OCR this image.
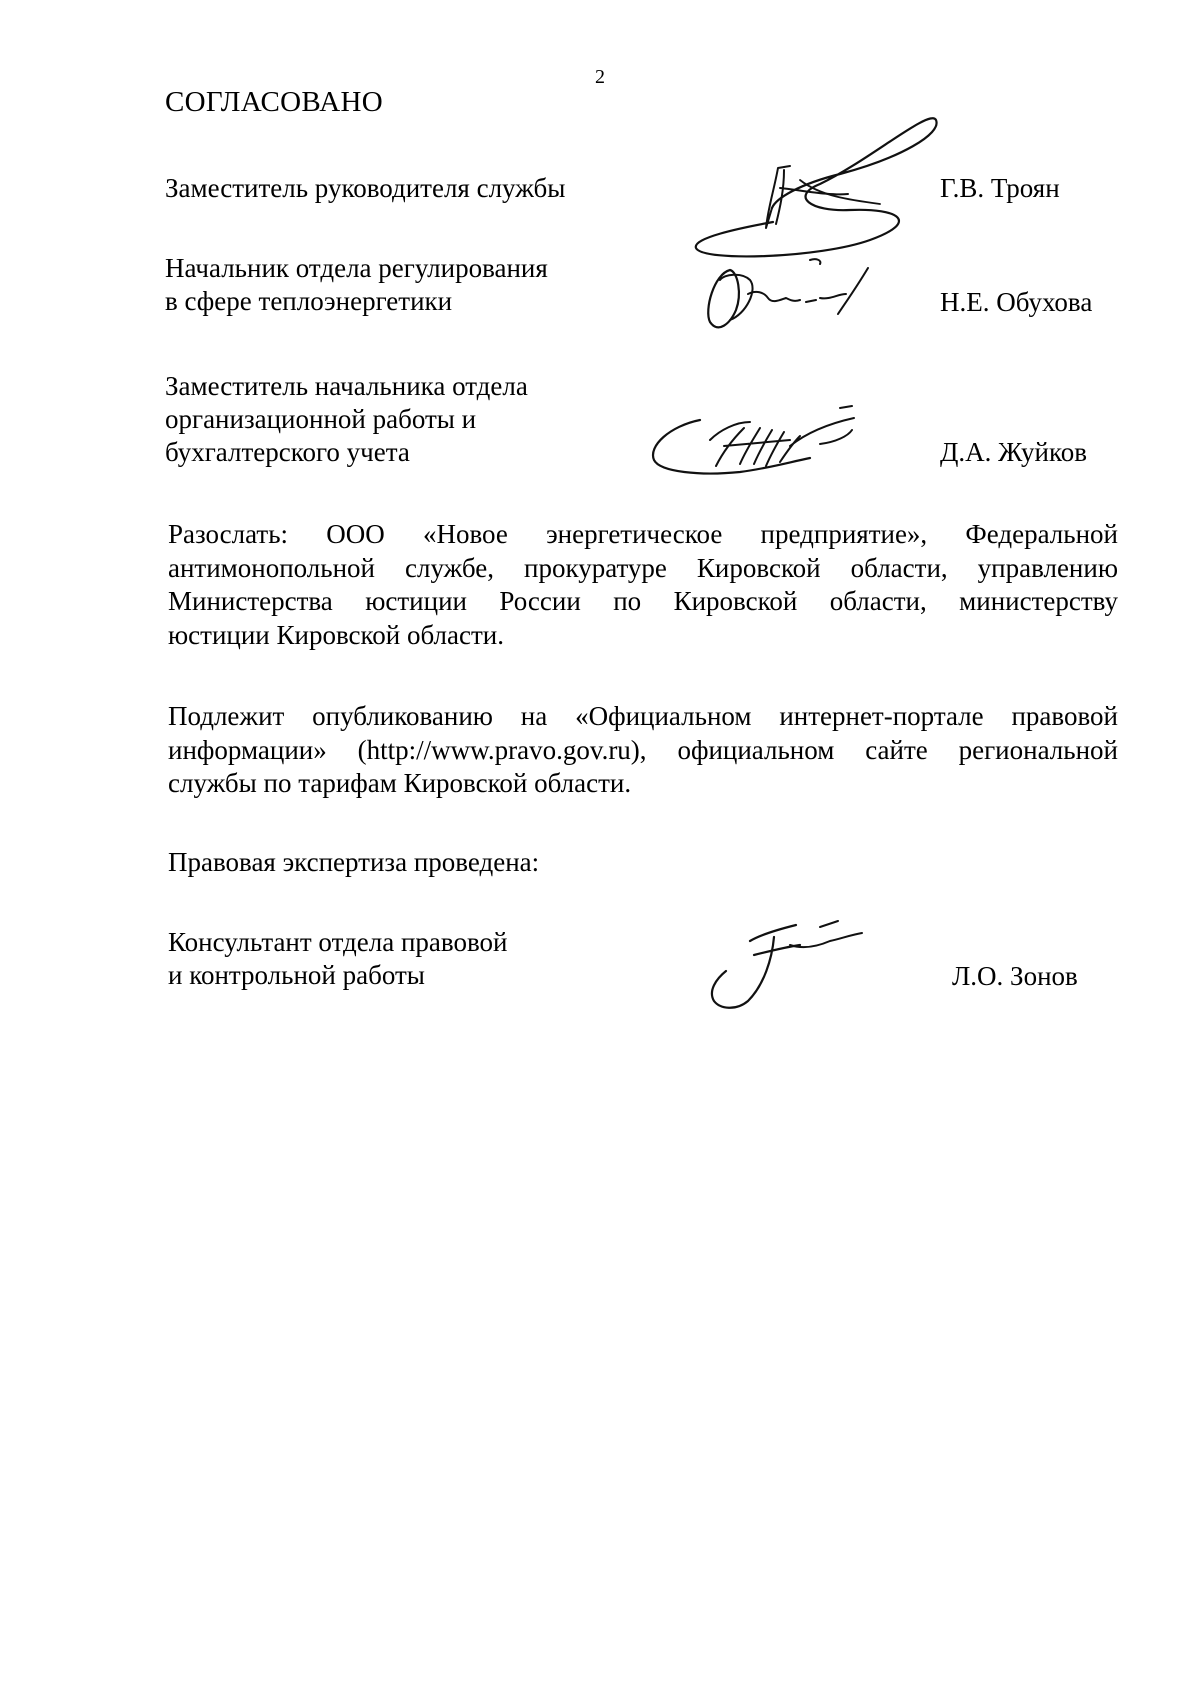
2
СОГЛАСОВАНО
Заместитель руководителя службы	Г.В. Троян
Начальник отдела регулирования
в сфере теплоэнергетики	Н.Е. Обухова
Заместитель начальника отдела
организационной работы и
бухгалтерского учета	Д.А. Жуйков
Разослать: ООО «Новое энергетическое предприятие», Федеральной
антимонопольной службе, прокуратуре Кировской области, управлению
Министерства юстиции России по Кировской области, министерству
юстиции Кировской области.
Подлежит опубликованию на «Официальном интернет-портале правовой
информации» (http://www.pravo.gov.ru), официальном сайте региональной
службы по тарифам Кировской области.
Правовая экспертиза проведена:
Консультант отдела правовой
и контрольной работы	Л.О. Зонов
